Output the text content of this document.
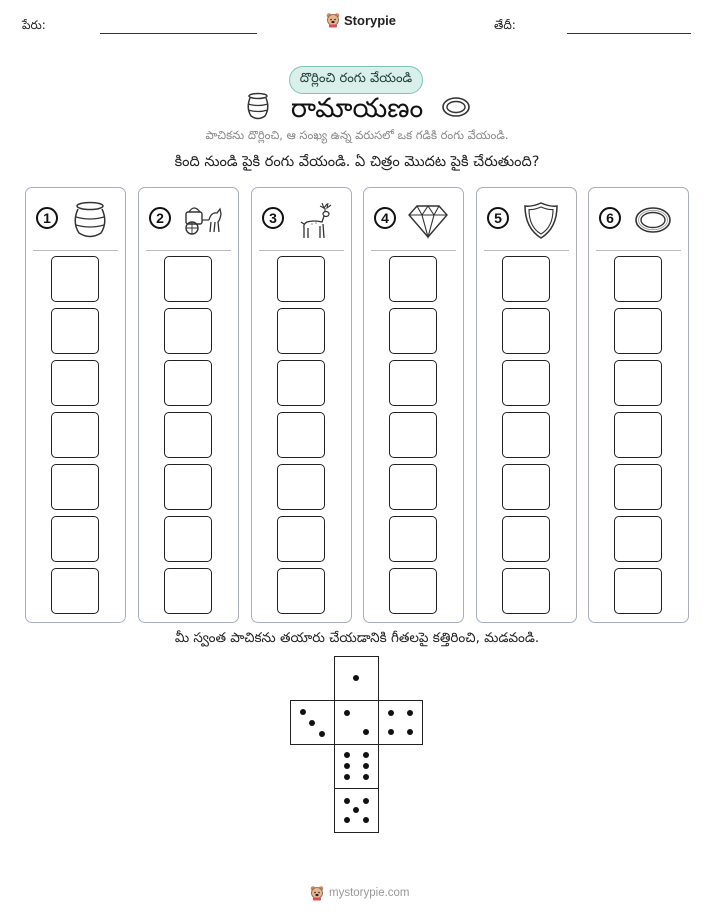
పేరు:	Storypie	తేదీ:
దొర్లించి రంగు వేయండి
రామాయణం
పాచికను దొర్లించి, ఆ సంఖ్య ఉన్న వరుసలో ఒక గడికి రంగు వేయండి.
కింది నుండి పైకి రంగు వేయండి. ఏ చిత్రం మొదట పైకి చేరుతుంది?
1	2	3	4	5	6
మీ స్వంత పాచికను తయారు చేయడానికి గీతలపై కత్తిరించి, మడవండి.
mystorypie.com
